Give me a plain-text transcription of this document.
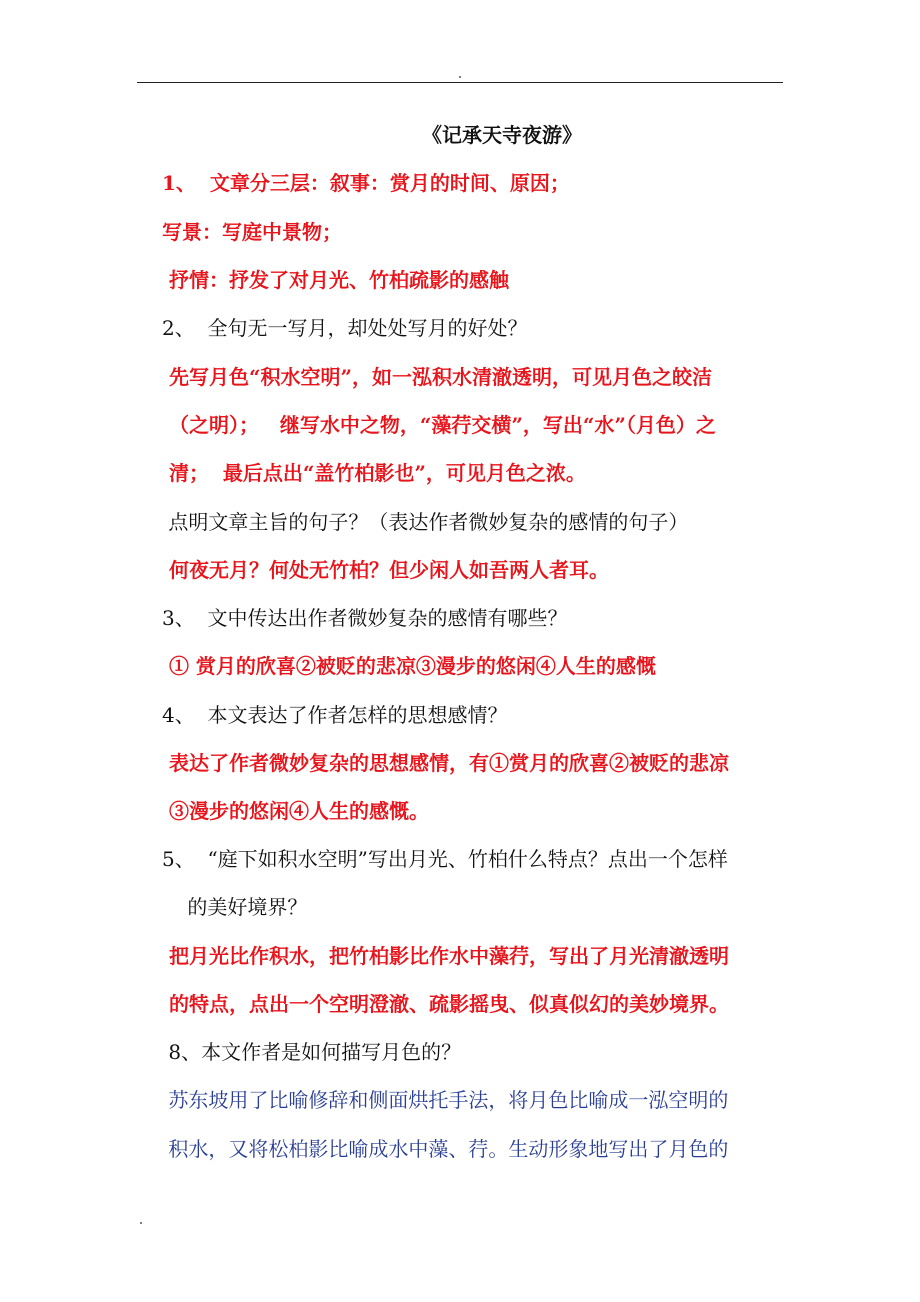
《记承天寺夜游》
1、  文章分三层：叙事：赏月的时间、原因；
写景：写庭中景物；
抒情：抒发了对月光、竹柏疏影的感触
2、  全句无一写月，却处处写月的好处？
先写月色“积水空明”，如一泓积水清澈透明，可见月色之皎洁
（之明）；   继写水中之物，“藻荇交横”，写出“水”（月色）之
清；  最后点出“盖竹柏影也”，可见月色之浓。
点明文章主旨的句子？（表达作者微妙复杂的感情的句子）
何夜无月？何处无竹柏？但少闲人如吾两人者耳。
3、  文中传达出作者微妙复杂的感情有哪些？
① 赏月的欣喜②被贬的悲凉③漫步的悠闲④人生的感慨
4、  本文表达了作者怎样的思想感情？
表达了作者微妙复杂的思想感情，有①赏月的欣喜②被贬的悲凉
③漫步的悠闲④人生的感慨。
5、  “庭下如积水空明”写出月光、竹柏什么特点？点出一个怎样
的美好境界？
把月光比作积水，把竹柏影比作水中藻荇，写出了月光清澈透明
的特点，点出一个空明澄澈、疏影摇曳、似真似幻的美妙境界。
8、本文作者是如何描写月色的？
苏东坡用了比喻修辞和侧面烘托手法，将月色比喻成一泓空明的
积水，又将松柏影比喻成水中藻、荇。生动形象地写出了月色的
